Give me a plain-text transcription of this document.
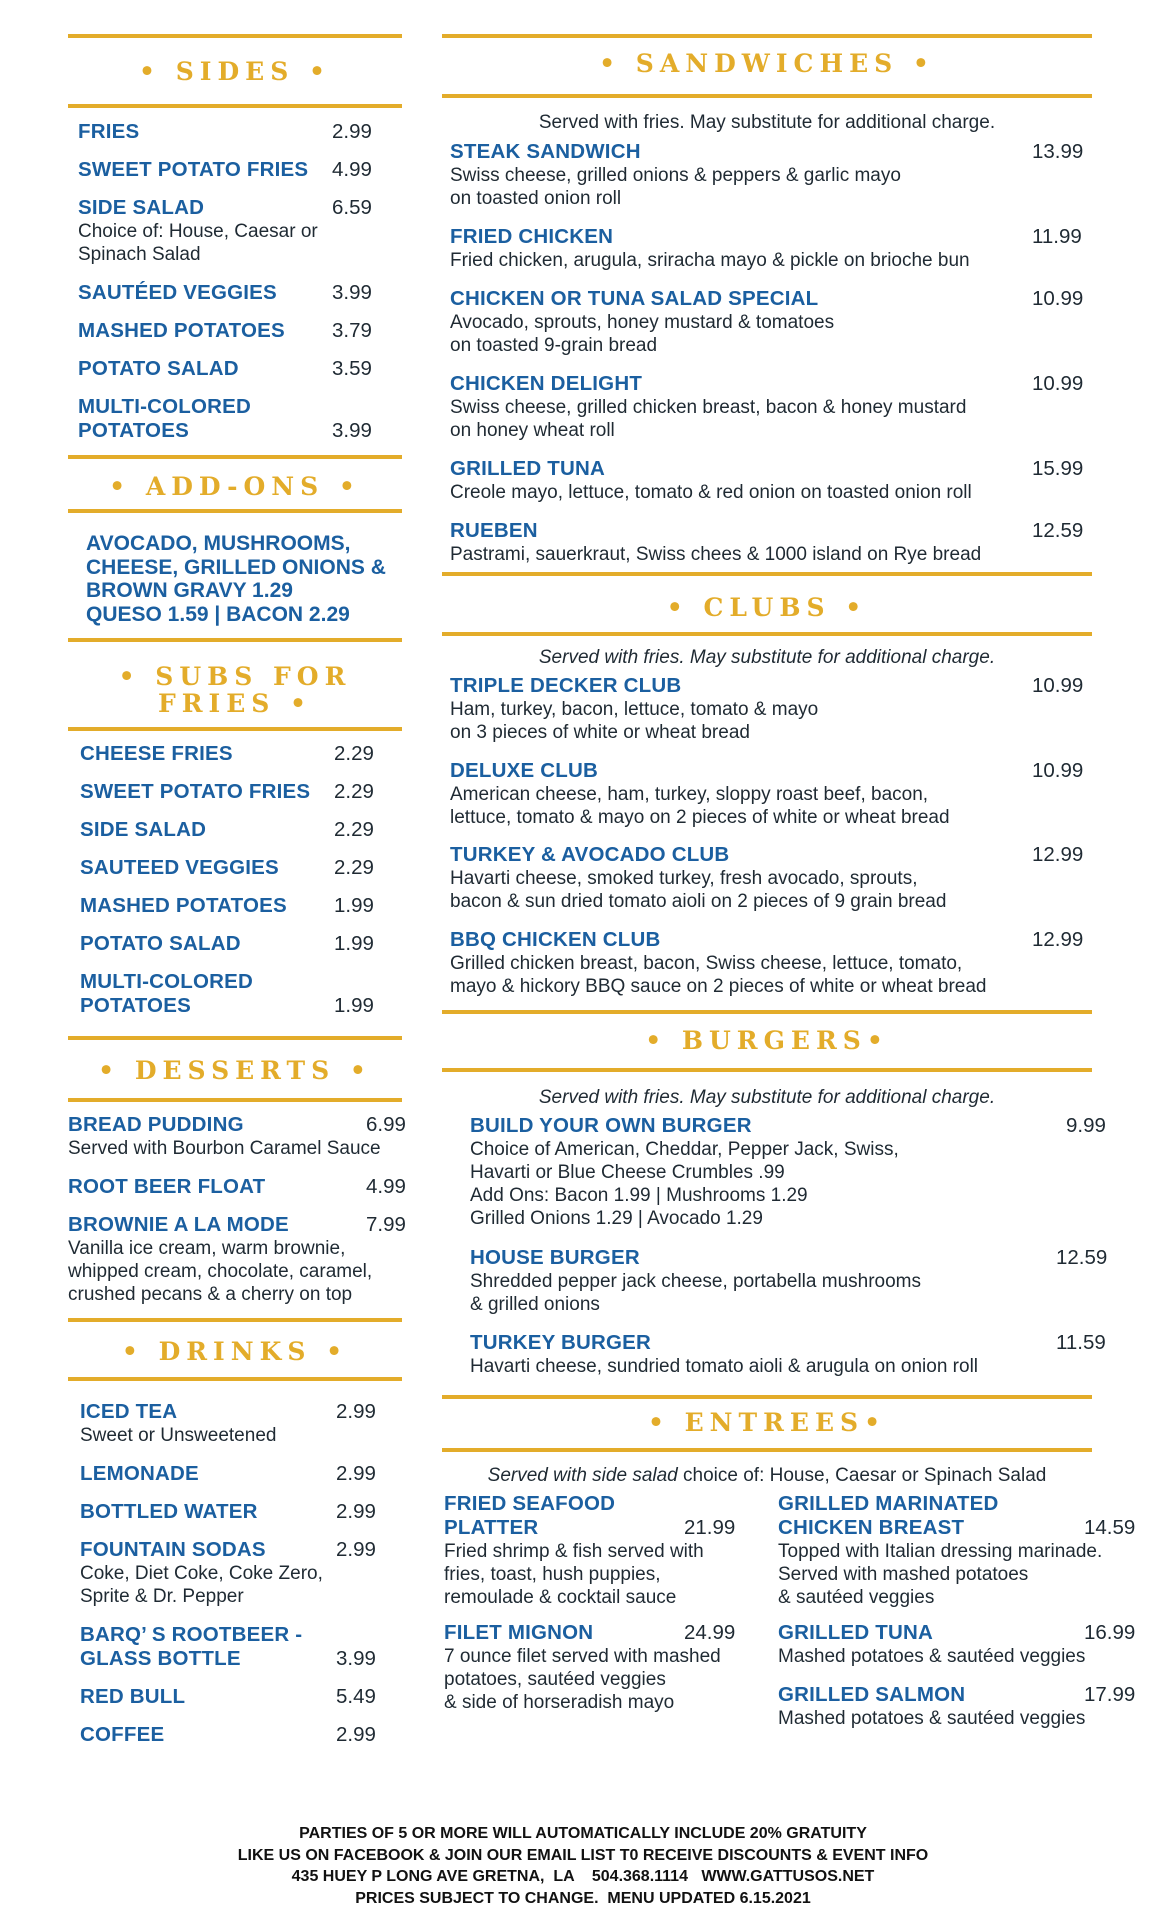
• SIDES •
FRIES	2.99
SWEET POTATO FRIES	4.99
SIDE SALAD	6.59
Choice of: House, Caesar or
Spinach Salad
SAUTÉED VEGGIES	3.99
MASHED POTATOES	3.79
POTATO SALAD	3.59
MULTI-COLORED
POTATOES	3.99
• ADD-ONS •
AVOCADO, MUSHROOMS,
CHEESE, GRILLED ONIONS &
BROWN GRAVY 1.29
QUESO 1.59 | BACON 2.29
• SUBS FOR
FRIES •
CHEESE FRIES	2.29
SWEET POTATO FRIES	2.29
SIDE SALAD	2.29
SAUTEED VEGGIES	2.29
MASHED POTATOES	1.99
POTATO SALAD	1.99
MULTI-COLORED
POTATOES	1.99
• DESSERTS •
BREAD PUDDING	6.99
Served with Bourbon Caramel Sauce
ROOT BEER FLOAT	4.99
BROWNIE A LA MODE	7.99
Vanilla ice cream, warm brownie,
whipped cream, chocolate, caramel,
crushed pecans & a cherry on top
• DRINKS •
ICED TEA	2.99
Sweet or Unsweetened
LEMONADE	2.99
BOTTLED WATER	2.99
FOUNTAIN SODAS	2.99
Coke, Diet Coke, Coke Zero,
Sprite & Dr. Pepper
BARQ’ S ROOTBEER -
GLASS BOTTLE	3.99
RED BULL	5.49
COFFEE	2.99
• SANDWICHES •
Served with fries. May substitute for additional charge.
STEAK SANDWICH	13.99
Swiss cheese, grilled onions & peppers & garlic mayo
on toasted onion roll
FRIED CHICKEN	11.99
Fried chicken, arugula, sriracha mayo & pickle on brioche bun
CHICKEN OR TUNA SALAD SPECIAL	10.99
Avocado, sprouts, honey mustard & tomatoes
on toasted 9-grain bread
CHICKEN DELIGHT	10.99
Swiss cheese, grilled chicken breast, bacon & honey mustard
on honey wheat roll
GRILLED TUNA	15.99
Creole mayo, lettuce, tomato & red onion on toasted onion roll
RUEBEN	12.59
Pastrami, sauerkraut, Swiss chees & 1000 island on Rye bread
• CLUBS •
Served with fries. May substitute for additional charge.
TRIPLE DECKER CLUB	10.99
Ham, turkey, bacon, lettuce, tomato & mayo
on 3 pieces of white or wheat bread
DELUXE CLUB	10.99
American cheese, ham, turkey, sloppy roast beef, bacon,
lettuce, tomato & mayo on 2 pieces of white or wheat bread
TURKEY & AVOCADO CLUB	12.99
Havarti cheese, smoked turkey, fresh avocado, sprouts,
bacon & sun dried tomato aioli on 2 pieces of 9 grain bread
BBQ CHICKEN CLUB	12.99
Grilled chicken breast, bacon, Swiss cheese, lettuce, tomato,
mayo & hickory BBQ sauce on 2 pieces of white or wheat bread
• BURGERS•
Served with fries. May substitute for additional charge.
BUILD YOUR OWN BURGER	9.99
Choice of American, Cheddar, Pepper Jack, Swiss,
Havarti or Blue Cheese Crumbles .99
Add Ons: Bacon 1.99 | Mushrooms 1.29
Grilled Onions 1.29 | Avocado 1.29
HOUSE BURGER	12.59
Shredded pepper jack cheese, portabella mushrooms
& grilled onions
TURKEY BURGER	11.59
Havarti cheese, sundried tomato aioli & arugula on onion roll
• ENTREES•
Served with side salad choice of: House, Caesar or Spinach Salad
FRIED SEAFOOD
PLATTER	21.99
Fried shrimp & fish served with
fries, toast, hush puppies,
remoulade & cocktail sauce
FILET MIGNON	24.99
7 ounce filet served with mashed
potatoes, sautéed veggies
& side of horseradish mayo
GRILLED MARINATED
CHICKEN BREAST	14.59
Topped with Italian dressing marinade.
Served with mashed potatoes
& sautéed veggies
GRILLED TUNA	16.99
Mashed potatoes & sautéed veggies
GRILLED SALMON	17.99
Mashed potatoes & sautéed veggies
PARTIES OF 5 OR MORE WILL AUTOMATICALLY INCLUDE 20% GRATUITY
LIKE US ON FACEBOOK & JOIN OUR EMAIL LIST T0 RECEIVE DISCOUNTS & EVENT INFO
435 HUEY P LONG AVE GRETNA,  LA    504.368.1114   WWW.GATTUSOS.NET
PRICES SUBJECT TO CHANGE.  MENU UPDATED 6.15.2021
